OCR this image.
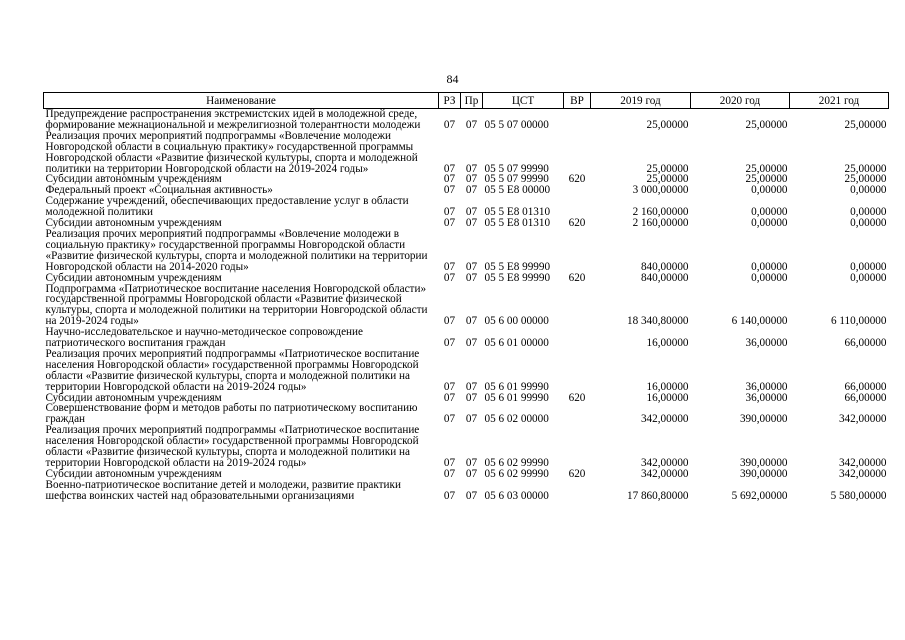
84
Наименование	РЗ	Пр	ЦСТ	ВР	2019 год	2020 год	2021 год
Предупреждение распространения экстремистских идей в молодежной среде, формирование межнациональной и межрелигиозной толерантности молодежи	07	07	05 5 07 00000		25,00000	25,00000	25,00000
Реализация прочих мероприятий подпрограммы «Вовлечение молодежи Новгородской области в социальную практику» государственной программы Новгородской области «Развитие физической культуры, спорта и молодежной политики на территории Новгородской области на 2019-2024 годы»	07	07	05 5 07 99990		25,00000	25,00000	25,00000
Субсидии автономным учреждениям	07	07	05 5 07 99990	620	25,00000	25,00000	25,00000
Федеральный проект «Социальная активность»	07	07	05 5 E8 00000		3 000,00000	0,00000	0,00000
Содержание учреждений, обеспечивающих предоставление услуг в области молодежной политики	07	07	05 5 E8 01310		2 160,00000	0,00000	0,00000
Субсидии автономным учреждениям	07	07	05 5 E8 01310	620	2 160,00000	0,00000	0,00000
Реализация прочих мероприятий подпрограммы «Вовлечение молодежи в социальную практику» государственной программы Новгородской области «Развитие физической культуры, спорта и молодежной политики на территории Новгородской области на 2014-2020 годы»	07	07	05 5 E8 99990		840,00000	0,00000	0,00000
Субсидии автономным учреждениям	07	07	05 5 E8 99990	620	840,00000	0,00000	0,00000
Подпрограмма «Патриотическое воспитание населения Новгородской области» государственной программы Новгородской области «Развитие физической культуры, спорта и молодежной политики на территории Новгородской области на 2019-2024 годы»	07	07	05 6 00 00000		18 340,80000	6 140,00000	6 110,00000
Научно-исследовательское и научно-методическое сопровождение патриотического воспитания граждан	07	07	05 6 01 00000		16,00000	36,00000	66,00000
Реализация прочих мероприятий подпрограммы «Патриотическое воспитание населения Новгородской области» государственной программы Новгородской области «Развитие физической культуры, спорта и молодежной политики на территории Новгородской области на 2019-2024 годы»	07	07	05 6 01 99990		16,00000	36,00000	66,00000
Субсидии автономным учреждениям	07	07	05 6 01 99990	620	16,00000	36,00000	66,00000
Совершенствование форм и методов работы по патриотическому воспитанию граждан	07	07	05 6 02 00000		342,00000	390,00000	342,00000
Реализация прочих мероприятий подпрограммы «Патриотическое воспитание населения Новгородской области» государственной программы Новгородской области «Развитие физической культуры, спорта и молодежной политики на территории Новгородской области на 2019-2024 годы»	07	07	05 6 02 99990		342,00000	390,00000	342,00000
Субсидии автономным учреждениям	07	07	05 6 02 99990	620	342,00000	390,00000	342,00000
Военно-патриотическое воспитание детей и молодежи, развитие практики шефства воинских частей над образовательными организациями	07	07	05 6 03 00000		17 860,80000	5 692,00000	5 580,00000
